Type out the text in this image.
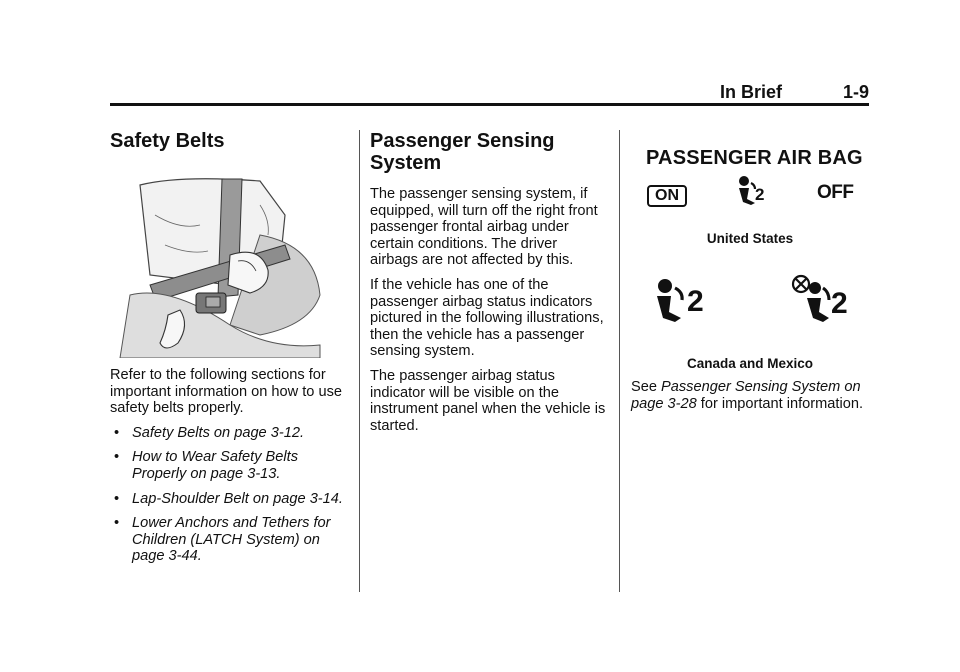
In Brief	1-9
Safety Belts

Refer to the following sections for important information on how to use safety belts properly.

• Safety Belts on page 3-12.
• How to Wear Safety Belts Properly on page 3-13.
• Lap-Shoulder Belt on page 3-14.
• Lower Anchors and Tethers for Children (LATCH System) on page 3-44.
Passenger Sensing
System

The passenger sensing system, if equipped, will turn off the right front passenger frontal airbag under certain conditions. The driver airbags are not affected by this.

If the vehicle has one of the passenger airbag status indicators pictured in the following illustrations, then the vehicle has a passenger sensing system.

The passenger airbag status indicator will be visible on the instrument panel when the vehicle is started.

PASSENGER AIR BAG
ON	2	OFF
United States
2	2
Canada and Mexico

See Passenger Sensing System on page 3-28 for important information.
